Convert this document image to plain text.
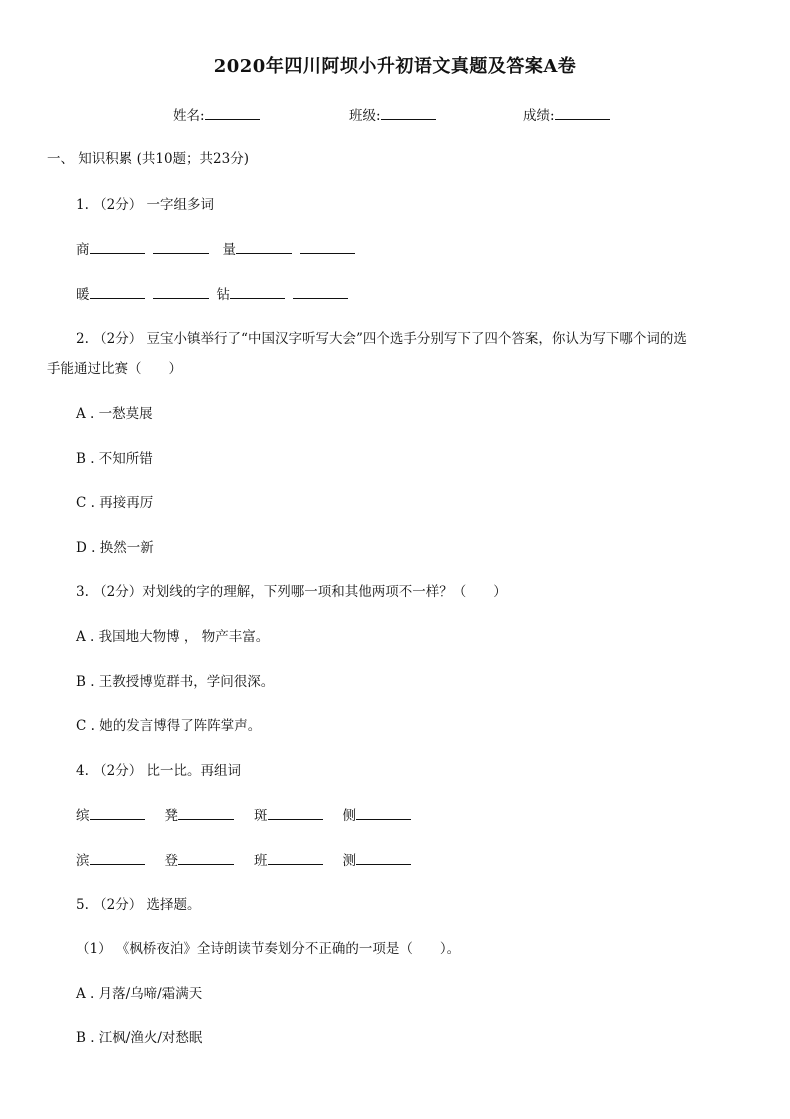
2020年四川阿坝小升初语文真题及答案A卷
姓名:	班级:	成绩:
一、 知识积累 (共10题；共23分)
1. （2分） 一字组多词
商	量
暖	钻
2. （2分） 豆宝小镇举行了“中国汉字听写大会”四个选手分别写下了四个答案，你认为写下哪个词的选
手能通过比赛（　　）
A . 一愁莫展
B . 不知所错
C . 再接再厉
D . 换然一新
3. （2分）对划线的字的理解，下列哪一项和其他两项不一样？（　　）
A . 我国地大物博 ， 物产丰富。
B . 王教授博览群书，学问很深。
C . 她的发言博得了阵阵掌声。
4. （2分） 比一比。再组词
缤	凳	斑	侧
滨	登	班	测
5. （2分） 选择题。
（1） 《枫桥夜泊》全诗朗读节奏划分不正确的一项是（　　）。
A . 月落/乌啼/霜满天
B . 江枫/渔火/对愁眠
